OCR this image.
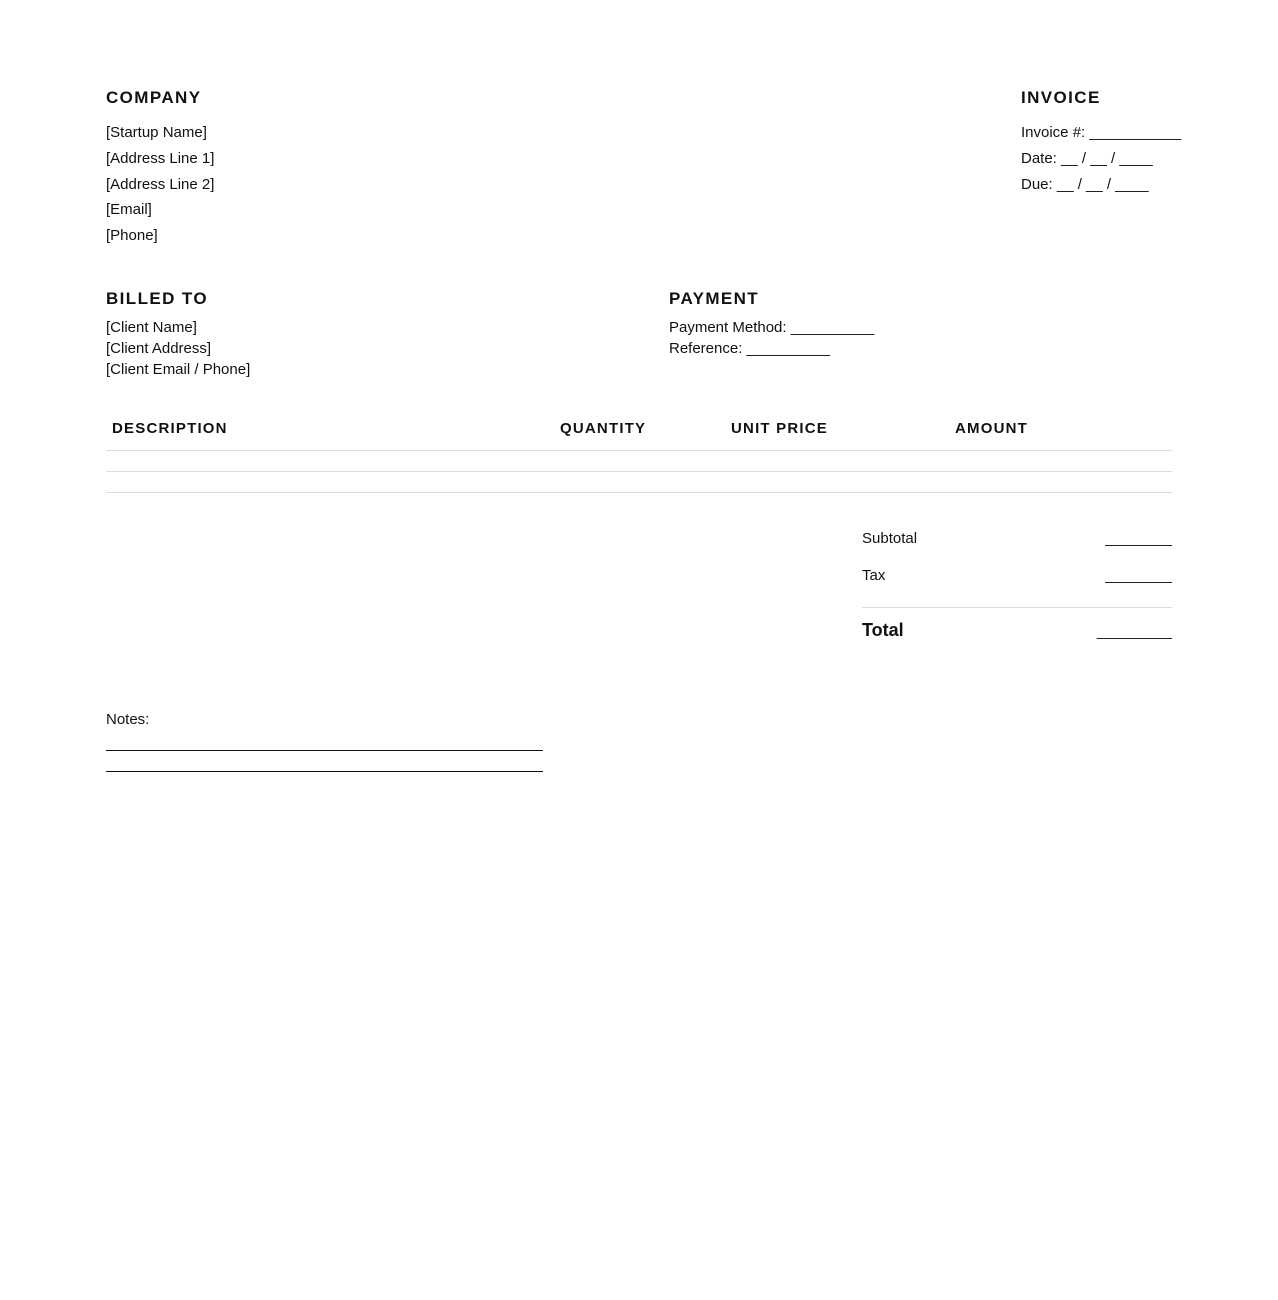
COMPANY
[Startup Name]
[Address Line 1]
[Address Line 2]
[Email]
[Phone]
INVOICE
Invoice #: ___________
Date: __ / __ / ____
Due: __ / __ / ____
BILLED TO
[Client Name]
[Client Address]
[Client Email / Phone]
PAYMENT
Payment Method: __________
Reference: __________
DESCRIPTION	QUANTITY	UNIT PRICE	AMOUNT
Subtotal	________
Tax	________
Total	_________
Notes:
